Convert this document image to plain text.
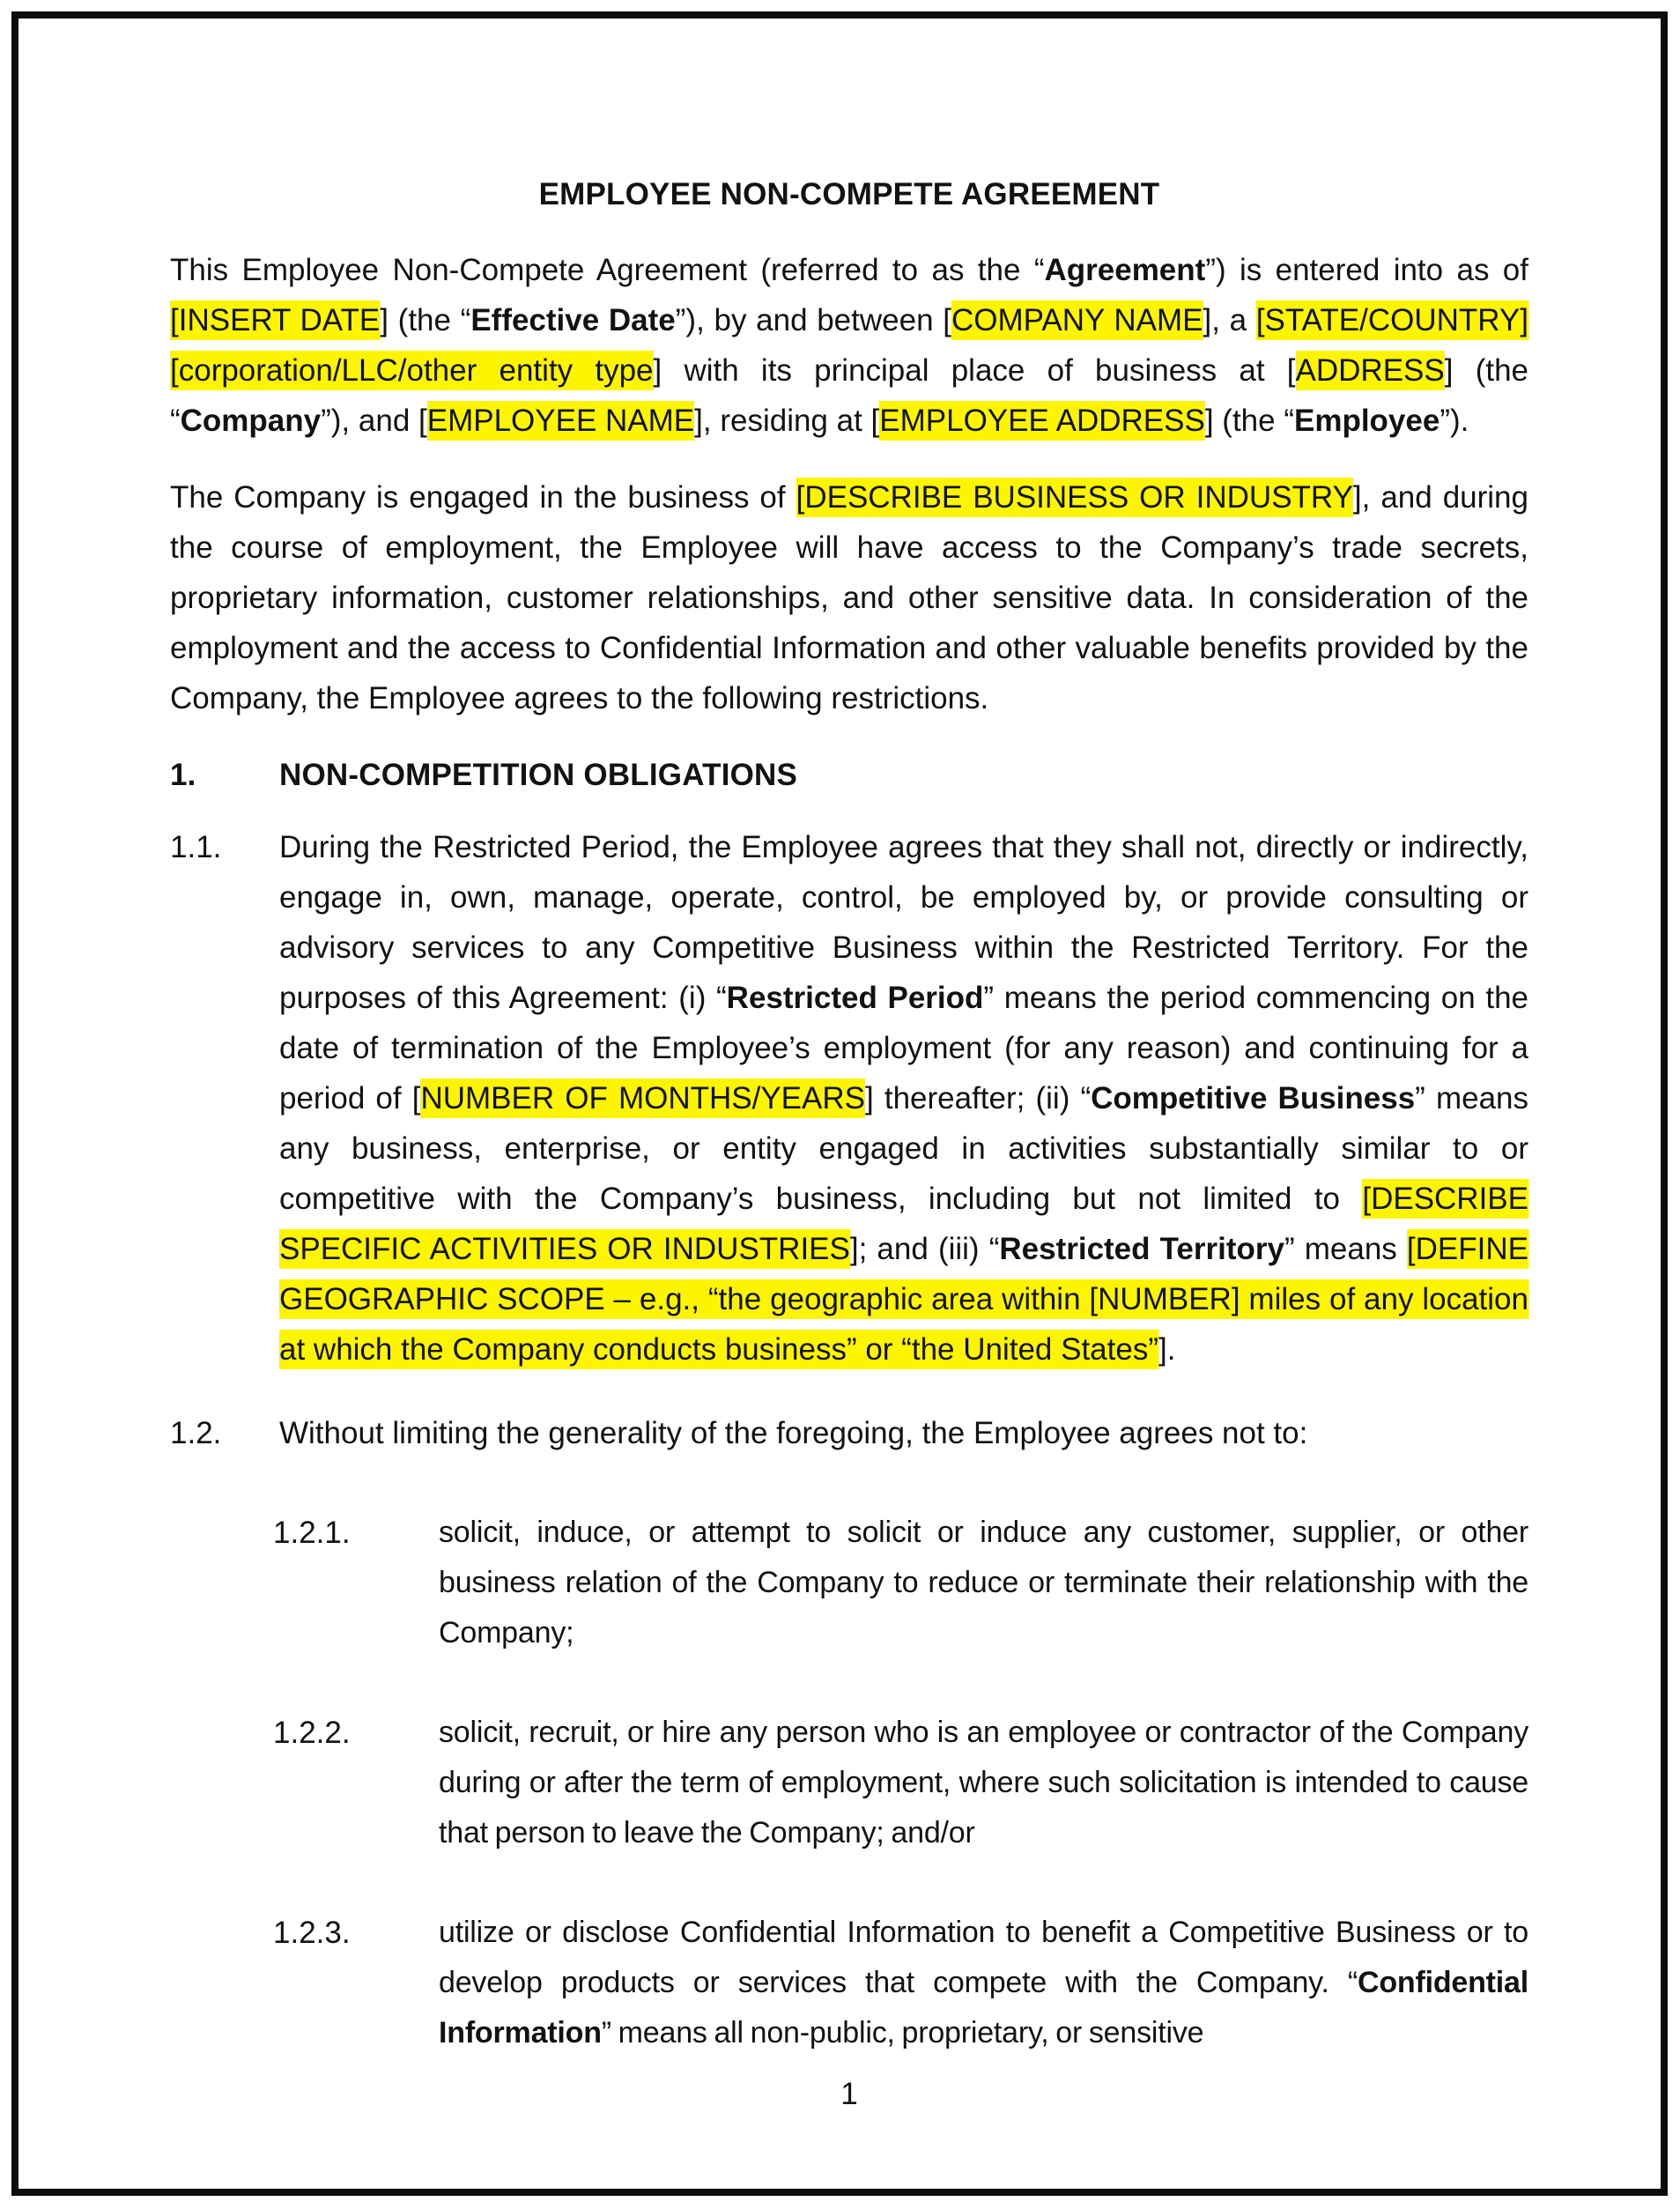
EMPLOYEE NON-COMPETE AGREEMENT

This Employee Non-Compete Agreement (referred to as the “Agreement”) is entered into as of [INSERT DATE] (the “Effective Date”), by and between [COMPANY NAME], a [STATE/COUNTRY] [corporation/LLC/other entity type] with its principal place of business at [ADDRESS] (the “Company”), and [EMPLOYEE NAME], residing at [EMPLOYEE ADDRESS] (the “Employee”).

The Company is engaged in the business of [DESCRIBE BUSINESS OR INDUSTRY], and during the course of employment, the Employee will have access to the Company’s trade secrets, proprietary information, customer relationships, and other sensitive data. In consideration of the employment and the access to Confidential Information and other valuable benefits provided by the Company, the Employee agrees to the following restrictions.

1.	NON-COMPETITION OBLIGATIONS
1.1. During the Restricted Period, the Employee agrees that they shall not, directly or indirectly, engage in, own, manage, operate, control, be employed by, or provide consulting or advisory services to any Competitive Business within the Restricted Territory. For the purposes of this Agreement: (i) “Restricted Period” means the period commencing on the date of termination of the Employee’s employment (for any reason) and continuing for a period of [NUMBER OF MONTHS/YEARS] thereafter; (ii) “Competitive Business” means any business, enterprise, or entity engaged in activities substantially similar to or competitive with the Company’s business, including but not limited to [DESCRIBE SPECIFIC ACTIVITIES OR INDUSTRIES]; and (iii) “Restricted Territory” means [DEFINE GEOGRAPHIC SCOPE – e.g., “the geographic area within [NUMBER] miles of any location at which the Company conducts business” or “the United States”].
1.2. Without limiting the generality of the foregoing, the Employee agrees not to:
1.2.1.	solicit, induce, or attempt to solicit or induce any customer, supplier, or other business relation of the Company to reduce or terminate their relationship with the Company;
1.2.2.	solicit, recruit, or hire any person who is an employee or contractor of the Company during or after the term of employment, where such solicitation is intended to cause that person to leave the Company; and/or
1.2.3.	utilize or disclose Confidential Information to benefit a Competitive Business or to develop products or services that compete with the Company. “Confidential Information” means all non-public, proprietary, or sensitive
1
